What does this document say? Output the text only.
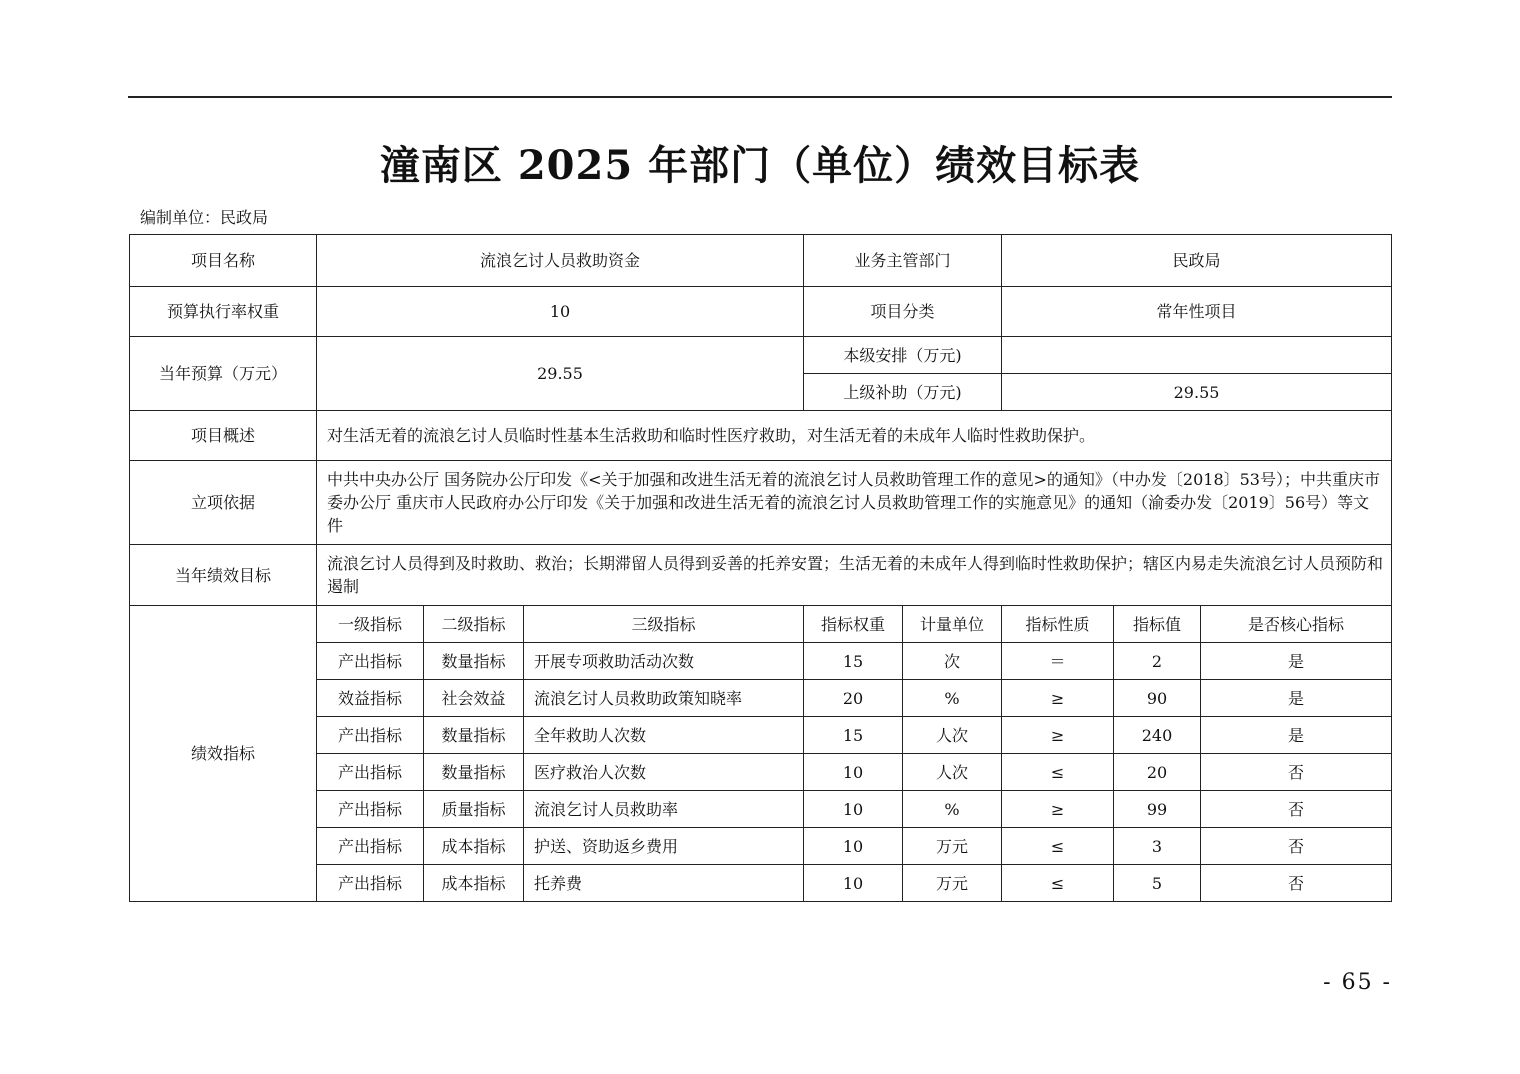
潼南区 2025 年部门（单位）绩效目标表
编制单位：民政局
项目名称	流浪乞讨人员救助资金			业务主管部门		民政局		
预算执行率权重	10			项目分类		常年性项目		
当年预算（万元）	29.55			本级安排（万元)				
				上级补助（万元)		29.55		
项目概述	对生活无着的流浪乞讨人员临时性基本生活救助和临时性医疗救助，对生活无着的未成年人临时性救助保护。							
立项依据	中共中央办公厅 国务院办公厅印发《<关于加强和改进生活无着的流浪乞讨人员救助管理工作的意见>的通知》（中办发〔2018〕53号）；中共重庆市委办公厅 重庆市人民政府办公厅印发《关于加强和改进生活无着的流浪乞讨人员救助管理工作的实施意见》的通知（渝委办发〔2019〕56号）等文件							
当年绩效目标	流浪乞讨人员得到及时救助、救治；长期滞留人员得到妥善的托养安置；生活无着的未成年人得到临时性救助保护；辖区内易走失流浪乞讨人员预防和遏制							
绩效指标	一级指标	二级指标	三级指标	指标权重	计量单位	指标性质	指标值	是否核心指标
	产出指标	数量指标	开展专项救助活动次数	15	次	＝	2	是
	效益指标	社会效益	流浪乞讨人员救助政策知晓率	20	%	≥	90	是
	产出指标	数量指标	全年救助人次数	15	人次	≥	240	是
	产出指标	数量指标	医疗救治人次数	10	人次	≤	20	否
	产出指标	质量指标	流浪乞讨人员救助率	10	%	≥	99	否
	产出指标	成本指标	护送、资助返乡费用	10	万元	≤	3	否
	产出指标	成本指标	托养费	10	万元	≤	5	否
- 65 -
